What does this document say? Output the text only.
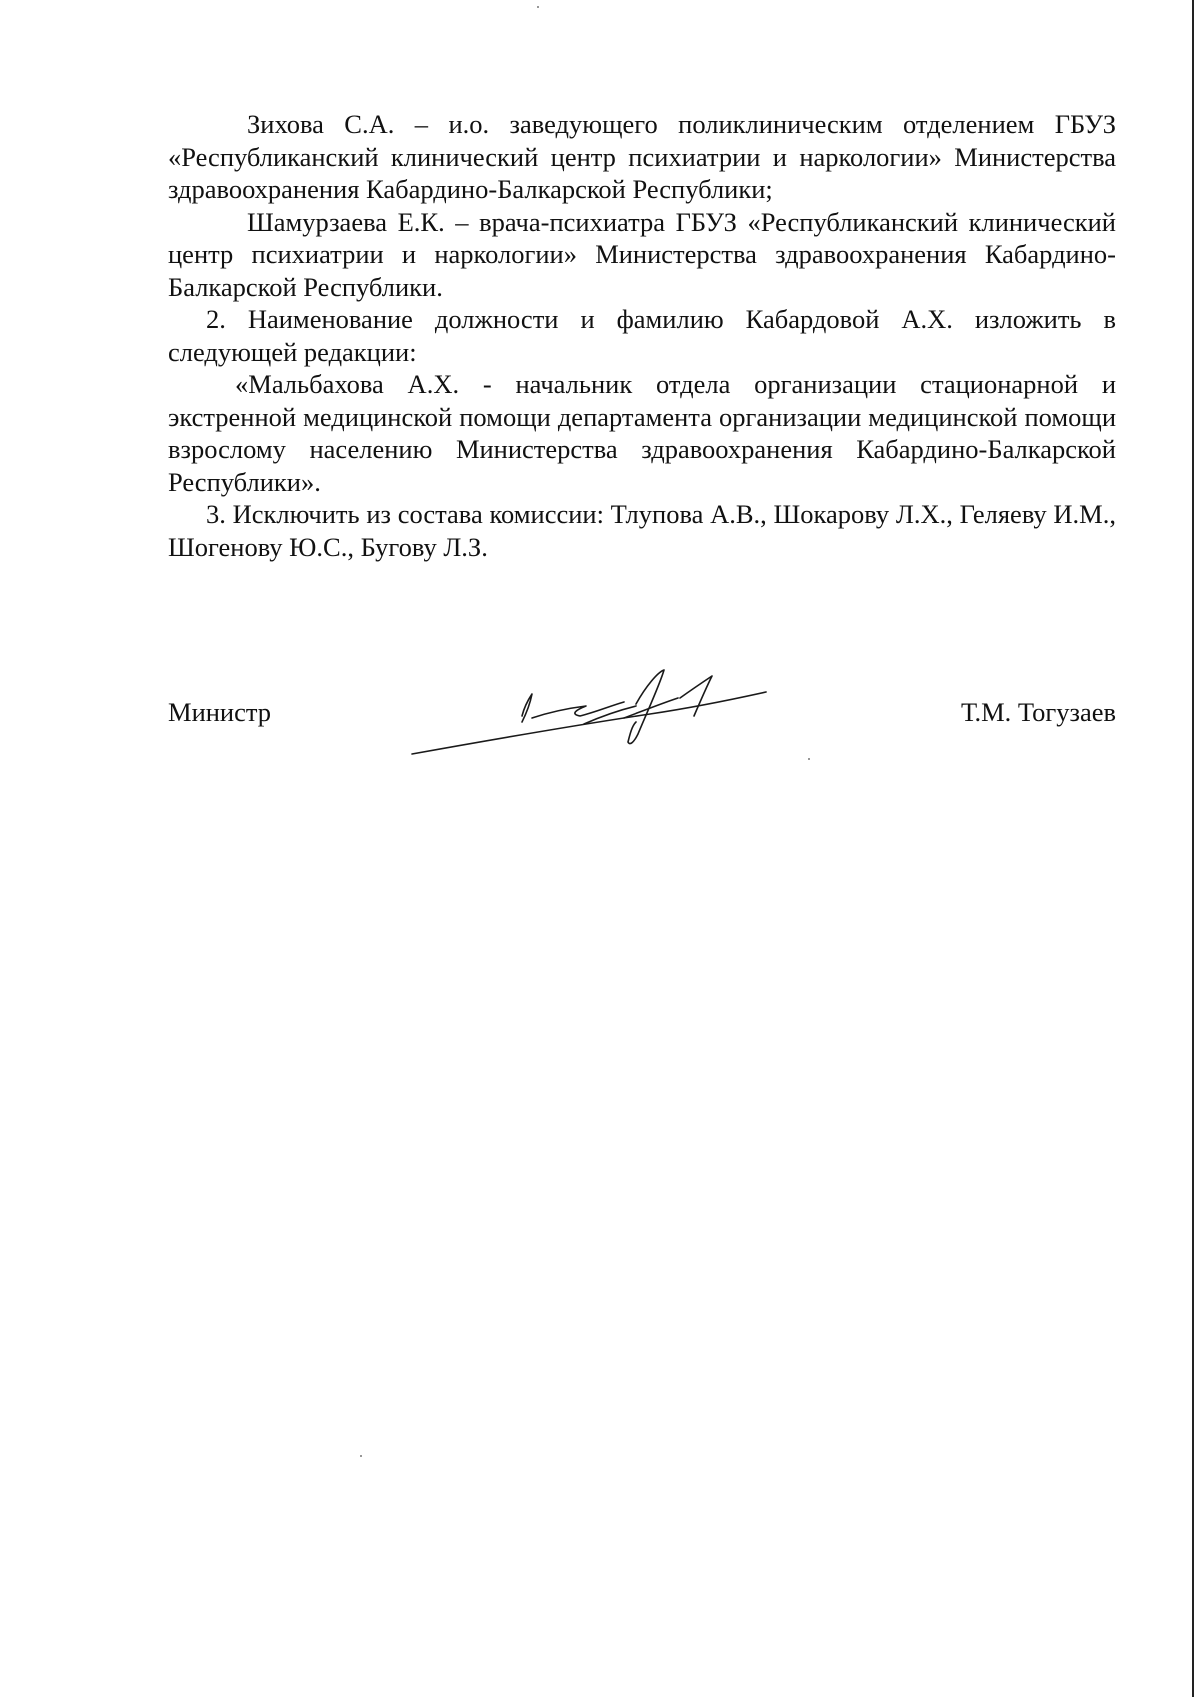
Зихова С.А. – и.о. заведующего поликлиническим отделением ГБУЗ «Республиканский клинический центр психиатрии и наркологии» Министерства здравоохранения Кабардино-Балкарской Республики;

Шамурзаева Е.К. – врача-психиатра ГБУЗ «Республиканский клинический центр психиатрии и наркологии» Министерства здравоохранения Кабардино-Балкарской Республики.

2. Наименование должности и фамилию Кабардовой А.Х. изложить в следующей редакции:

«Мальбахова А.Х. - начальник отдела организации стационарной и экстренной медицинской помощи департамента организации медицинской помощи взрослому населению Министерства здравоохранения Кабардино-Балкарской Республики».

3. Исключить из состава комиссии: Тлупова А.В., Шокарову Л.Х., Геляеву И.М., Шогенову Ю.С., Бугову Л.З.

Министр	Т.М. Тогузаев
